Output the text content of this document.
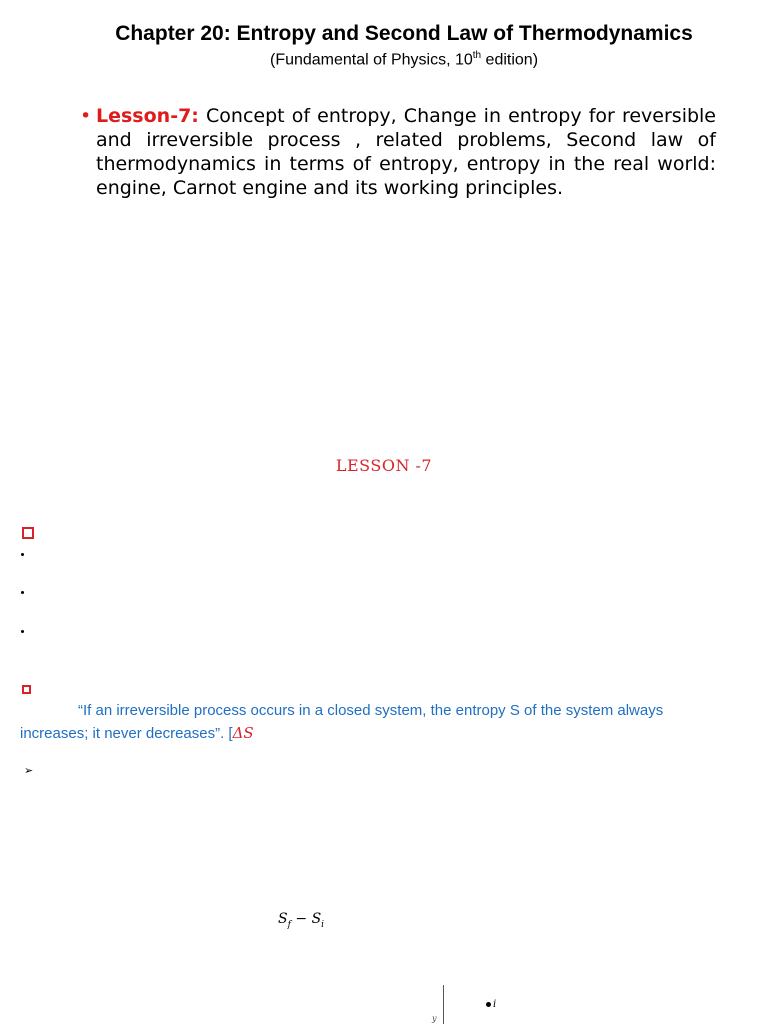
Chapter 20: Entropy and Second Law of Thermodynamics
(Fundamental of Physics, 10th edition)
• Lesson-7: Concept of entropy, Change in entropy for reversible and irreversible process , related problems, Second law of thermodynamics in terms of entropy, entropy in the real world: engine, Carnot engine and its working principles.
LESSON -7
“If an irreversible process occurs in a closed system, the entropy S of the system always increases; it never decreases”. [ΔS
➢
$S_f - S_i$
y
i
